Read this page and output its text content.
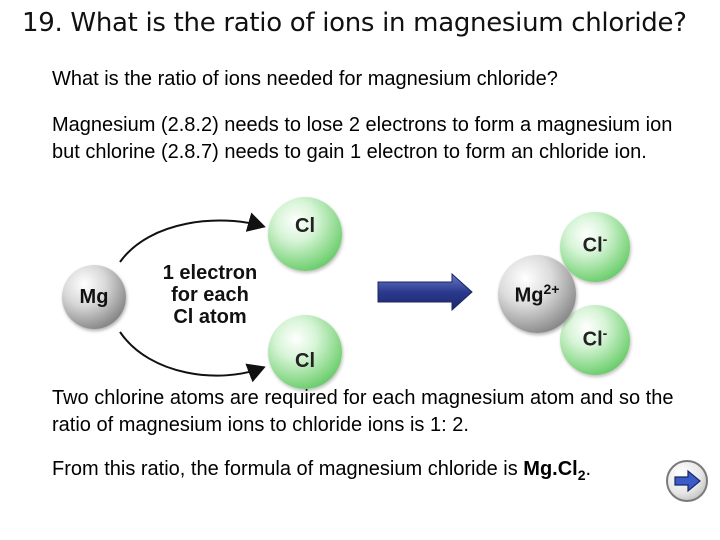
19. What is the ratio of ions in magnesium chloride?
What is the ratio of ions needed for magnesium chloride?
Magnesium (2.8.2) needs to lose 2 electrons to form a magnesium ion but chlorine (2.8.7) needs to gain 1 electron to form an chloride ion.
Mg
1 electron
for each
Cl atom
Cl
Cl
Cl-
Cl-
$Mg^{2+}$
Two chlorine atoms are required for each magnesium atom and so the ratio of magnesium ions to chloride ions is 1: 2.
From this ratio, the formula of magnesium chloride is $Mg.Cl_2$.
